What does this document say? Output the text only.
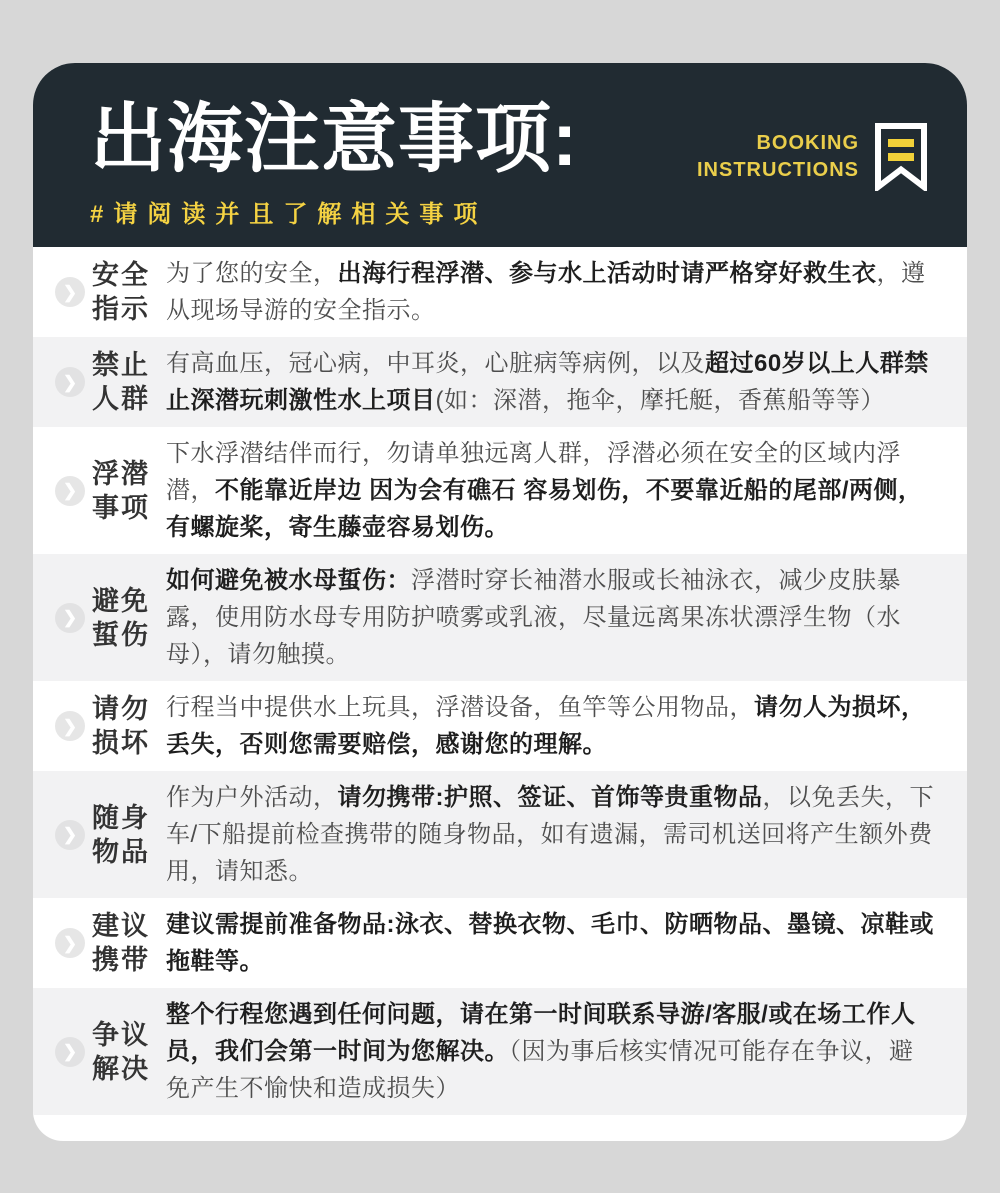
出海注意事项:
#请阅读并且了解相关事项
BOOKING
INSTRUCTIONS
❯
安全
指示

为了您的安全，出海行程浮潜、参与水上活动时请严格穿好救生衣，遵从现场导游的安全指示。

❯
禁止
人群

有高血压，冠心病，中耳炎，心脏病等病例，以及超过60岁以上人群禁止深潜玩刺激性水上项目(如：深潜，拖伞，摩托艇，香蕉船等等）

❯
浮潜
事项

下水浮潜结伴而行，勿请单独远离人群，浮潜必须在安全的区域内浮潜，不能靠近岸边 因为会有礁石 容易划伤，不要靠近船的尾部/两侧，有螺旋桨，寄生藤壶容易划伤。

❯
避免
蜇伤

如何避免被水母蜇伤：浮潜时穿长袖潜水服或长袖泳衣，减少皮肤暴露，使用防水母专用防护喷雾或乳液，尽量远离果冻状漂浮生物（水母），请勿触摸。

❯
请勿
损坏

行程当中提供水上玩具，浮潜设备，鱼竿等公用物品，请勿人为损坏，丢失，否则您需要赔偿，感谢您的理解。

❯
随身
物品

作为户外活动，请勿携带:护照、签证、首饰等贵重物品，以免丢失，下车/下船提前检查携带的随身物品，如有遗漏，需司机送回将产生额外费用，请知悉。

❯
建议
携带

建议需提前准备物品:泳衣、替换衣物、毛巾、防晒物品、墨镜、凉鞋或拖鞋等。

❯
争议
解决

整个行程您遇到任何问题，请在第一时间联系导游/客服/或在场工作人员，我们会第一时间为您解决。（因为事后核实情况可能存在争议，避免产生不愉快和造成损失）
